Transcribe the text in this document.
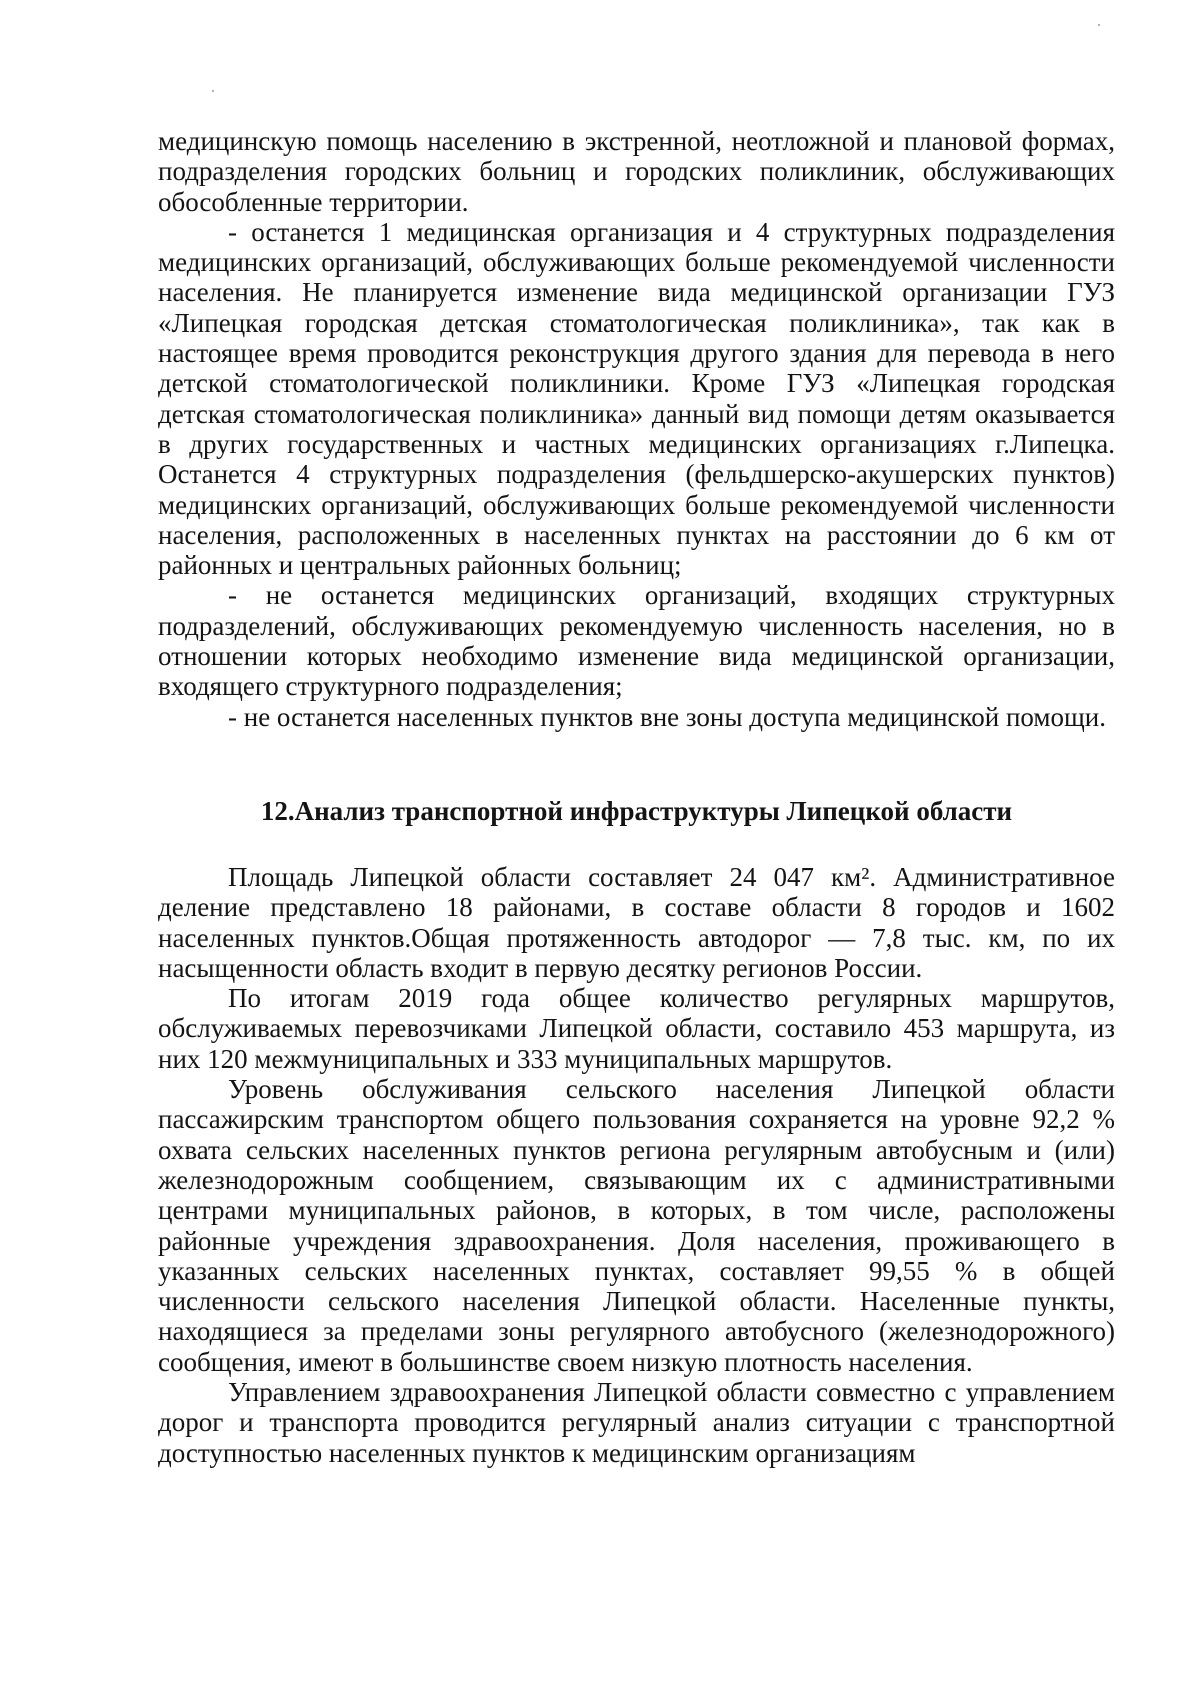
медицинскую помощь населению в экстренной, неотложной и плановой формах, подразделения городских больниц и городских поликлиник, обслуживающих обособленные территории.

- останется 1 медицинская организация и 4 структурных подразделения медицинских организаций, обслуживающих больше рекомендуемой численности населения. Не планируется изменение вида медицинской организации ГУЗ «Липецкая городская детская стоматологическая поликлиника», так как в настоящее время проводится реконструкция другого здания для перевода в него детской стоматологической поликлиники. Кроме ГУЗ «Липецкая городская детская стоматологическая поликлиника» данный вид помощи детям оказывается в других государственных и частных медицинских организациях г.Липецка. Останется 4 структурных подразделения (фельдшерско-акушерских пунктов) медицинских организаций, обслуживающих больше рекомендуемой численности населения, расположенных в населенных пунктах на расстоянии до 6 км от районных и центральных районных больниц;

- не останется медицинских организаций, входящих структурных подразделений, обслуживающих рекомендуемую численность населения, но в отношении которых необходимо изменение вида медицинской организации, входящего структурного подразделения;

- не останется населенных пунктов вне зоны доступа медицинской помощи.

12.Анализ транспортной инфраструктуры Липецкой области

Площадь Липецкой области составляет 24 047 км². Административное деление представлено 18 районами, в составе области 8 городов и 1602 населенных пунктов.Общая протяженность автодорог — 7,8 тыс. км, по их насыщенности область входит в первую десятку регионов России.

По итогам 2019 года общее количество регулярных маршрутов, обслуживаемых перевозчиками Липецкой области, составило 453 маршрута, из них 120 межмуниципальных и 333 муниципальных маршрутов.

Уровень обслуживания сельского населения Липецкой области пассажирским транспортом общего пользования сохраняется на уровне 92,2 % охвата сельских населенных пунктов региона регулярным автобусным и (или) железнодорожным сообщением, связывающим их с административными центрами муниципальных районов, в которых, в том числе, расположены районные учреждения здравоохранения. Доля населения, проживающего в указанных сельских населенных пунктах, составляет 99,55 % в общей численности сельского населения Липецкой области. Населенные пункты, находящиеся за пределами зоны регулярного автобусного (железнодорожного) сообщения, имеют в большинстве своем низкую плотность населения.

Управлением здравоохранения Липецкой области совместно с управлением дорог и транспорта проводится регулярный анализ ситуации с транспортной доступностью населенных пунктов к медицинским организациям
